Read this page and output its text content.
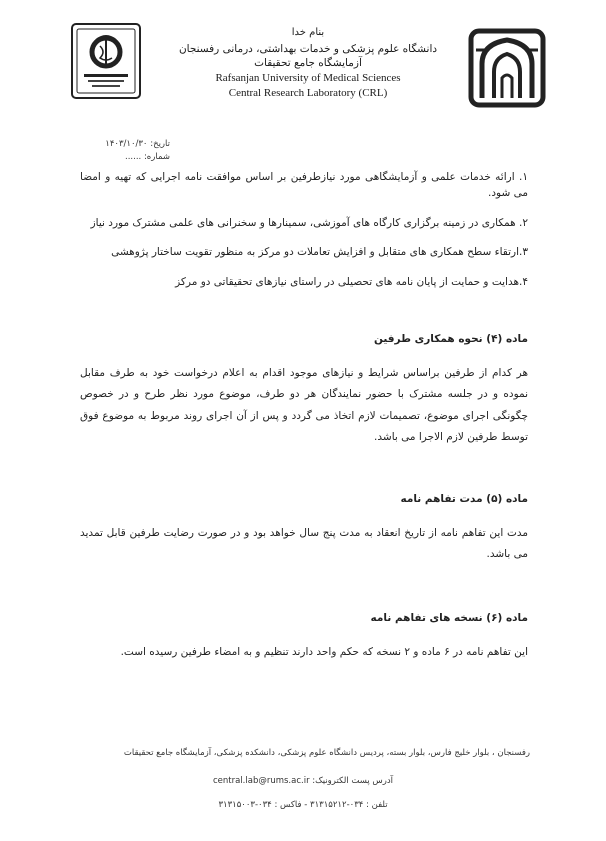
بنام خدا
دانشگاه علوم پزشکی و خدمات بهداشتی، درمانی رفسنجان
آزمایشگاه جامع تحقیقات
Rafsanjan University of Medical Sciences
Central Research Laboratory (CRL)
تاریخ: ۱۴۰۳/۱۰/۳۰
شماره: ......

۱. ارائه خدمات علمی و آزمایشگاهی مورد نیازطرفین بر اساس موافقت نامه اجرایی که تهیه و امضا می شود.

۲. همکاری در زمینه برگزاری کارگاه های آموزشی، سمینارها و سخنرانی های علمی مشترک مورد نیاز

۳.ارتقاء سطح همکاری های متقابل و افزایش تعاملات دو مرکز به منظور تقویت ساختار پژوهشی

۴.هدایت و حمایت از پایان نامه های تحصیلی در راستای نیازهای تحقیقاتی دو مرکز

ماده (۴) نحوه همکاری طرفین

هر کدام از طرفین براساس شرایط و نیازهای موجود اقدام به اعلام درخواست خود به طرف مقابل نموده و در جلسه مشترک با حضور نمایندگان هر دو طرف، موضوع مورد نظر طرح و در خصوص چگونگی اجرای موضوع، تصمیمات لازم اتخاذ می گردد و پس از آن اجرای روند مربوط به موضوع فوق توسط طرفین لازم الاجرا می باشد.

ماده (۵) مدت تفاهم نامه

مدت این تفاهم نامه از تاریخ انعقاد به مدت پنج سال خواهد بود و در صورت رضایت طرفین قابل تمدید می باشد.

ماده (۶) نسخه های تفاهم نامه

این تفاهم نامه در ۶ ماده و ۲ نسخه که حکم واحد دارند تنظیم و به امضاء طرفین رسیده است.

رفسنجان ، بلوار خلیج فارس، بلوار بسته، پردیس دانشگاه علوم پزشکی، دانشکده پزشکی، آزمایشگاه جامع تحقیقات
آدرس پست الکترونیک: central.lab@rums.ac.ir
تلفن : ۰۳۴-۳۱۳۱۵۲۱۲ - فاکس : ۰۳۴-۳۱۳۱۵۰۰۳
